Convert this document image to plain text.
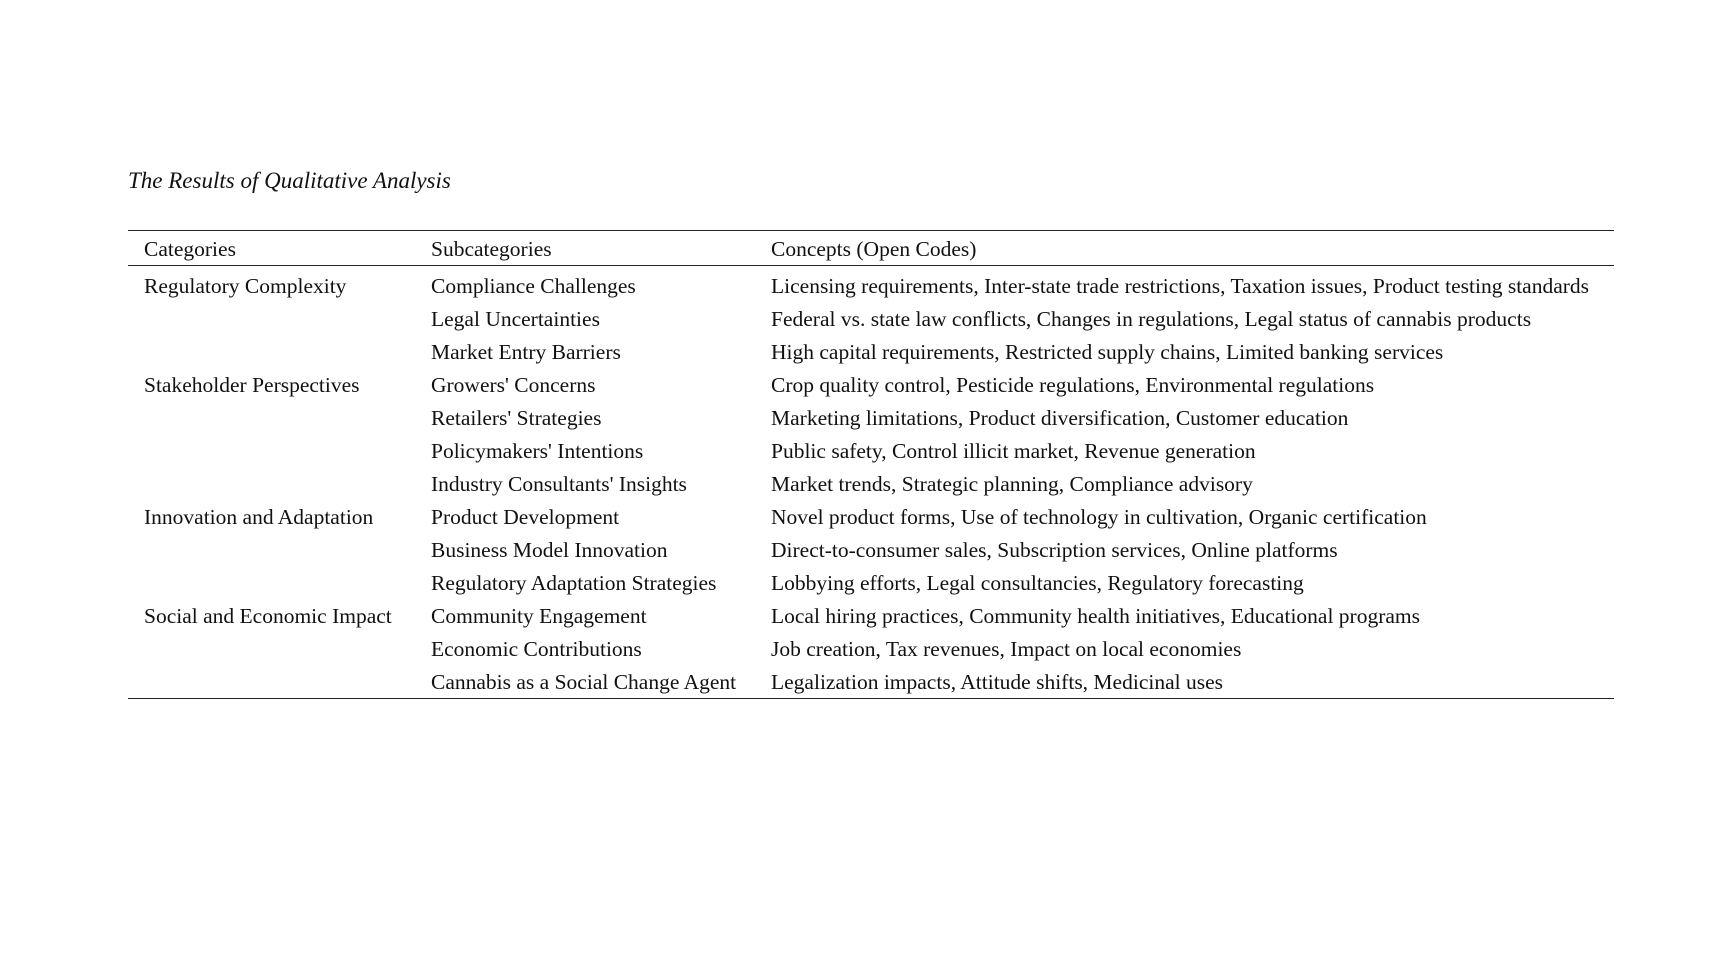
The Results of Qualitative Analysis
Categories	Subcategories	Concepts (Open Codes)
Regulatory Complexity	Compliance Challenges	Licensing requirements, Inter-state trade restrictions, Taxation issues, Product testing standards
	Legal Uncertainties	Federal vs. state law conflicts, Changes in regulations, Legal status of cannabis products
	Market Entry Barriers	High capital requirements, Restricted supply chains, Limited banking services
Stakeholder Perspectives	Growers' Concerns	Crop quality control, Pesticide regulations, Environmental regulations
	Retailers' Strategies	Marketing limitations, Product diversification, Customer education
	Policymakers' Intentions	Public safety, Control illicit market, Revenue generation
	Industry Consultants' Insights	Market trends, Strategic planning, Compliance advisory
Innovation and Adaptation	Product Development	Novel product forms, Use of technology in cultivation, Organic certification
	Business Model Innovation	Direct-to-consumer sales, Subscription services, Online platforms
	Regulatory Adaptation Strategies	Lobbying efforts, Legal consultancies, Regulatory forecasting
Social and Economic Impact	Community Engagement	Local hiring practices, Community health initiatives, Educational programs
	Economic Contributions	Job creation, Tax revenues, Impact on local economies
	Cannabis as a Social Change Agent	Legalization impacts, Attitude shifts, Medicinal uses
